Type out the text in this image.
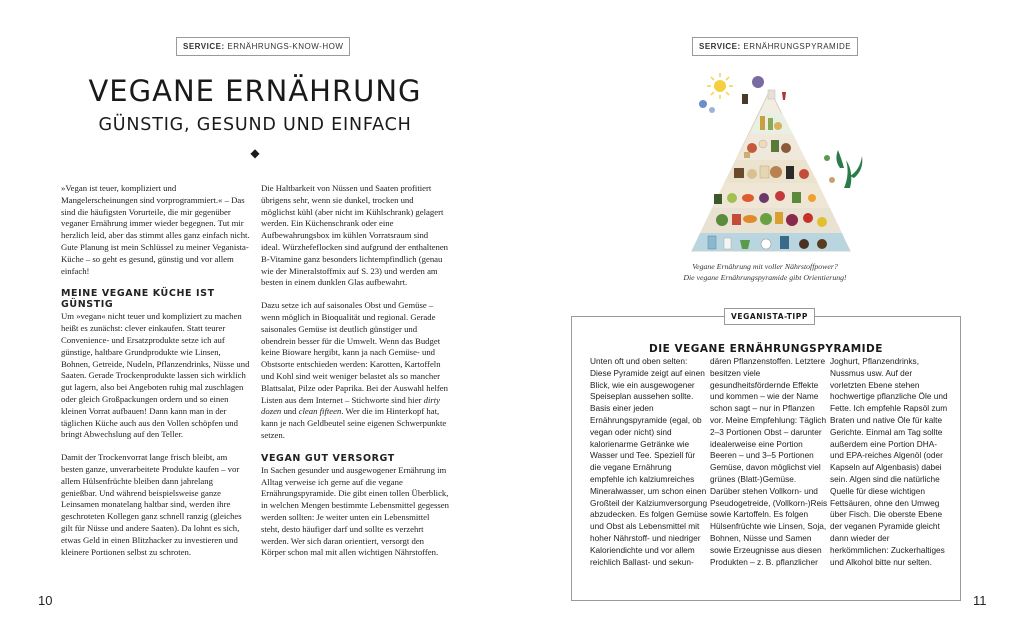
SERVICE: ERNÄHRUNGS-KNOW-HOW
VEGANE ERNÄHRUNG
GÜNSTIG, GESUND UND EINFACH
◆

»Vegan ist teuer, kompliziert und Mangelerscheinungen sind vorprogrammiert.« – Das sind die häufigsten Vorurteile, die mir gegenüber veganer Ernährung immer wieder begegnen. Tut mir herzlich leid, aber das stimmt alles ganz einfach nicht. Gute Planung ist mein Schlüssel zu meiner Veganista-Küche – so geht es gesund, günstig und vor allem einfach!

MEINE VEGANE KÜCHE IST GÜNSTIG

Um »vegan« nicht teuer und kompliziert zu machen heißt es zunächst: clever einkaufen. Statt teurer Convenience- und Ersatzprodukte setze ich auf günstige, haltbare Grundprodukte wie Linsen, Bohnen, Getreide, Nudeln, Pflanzendrinks, Nüsse und Saaten. Gerade Trockenprodukte lassen sich wirklich gut lagern, also bei Angeboten ruhig mal zuschlagen oder gleich Großpackungen ordern und so einen kleinen Vorrat aufbauen! Dann kann man in der täglichen Küche auch aus den Vollen schöpfen und bringt Abwechslung auf den Teller.

Damit der Trockenvorrat lange frisch bleibt, am besten ganze, unverarbeitete Produkte kaufen – vor allem Hülsenfrüchte bleiben dann jahrelang genießbar. Und während beispielsweise ganze Leinsamen monatelang haltbar sind, werden ihre geschroteten Kollegen ganz schnell ranzig (gleiches gilt für Nüsse und andere Saaten). Da lohnt es sich, etwas Geld in einen Blitzhacker zu investieren und kleinere Portionen selbst zu schroten.

Die Haltbarkeit von Nüssen und Saaten profitiert übrigens sehr, wenn sie dunkel, trocken und möglichst kühl (aber nicht im Kühlschrank) gelagert werden. Ein Küchenschrank oder eine Aufbewahrungsbox im kühlen Vorratsraum sind ideal. Würzhefeflocken sind aufgrund der enthaltenen B-Vitamine ganz besonders lichtempfindlich (genau wie der Mineralstoffmix auf S. 23) und werden am besten in einem dunklen Glas aufbewahrt.

Dazu setze ich auf saisonales Obst und Gemüse – wenn möglich in Bioqualität und regional. Gerade saisonales Gemüse ist deutlich günstiger und obendrein besser für die Umwelt. Wenn das Budget keine Bioware hergibt, kann ja nach Gemüse- und Obstsorte entschieden werden: Karotten, Kartoffeln und Kohl sind weit weniger belastet als so mancher Blattsalat, Pilze oder Paprika. Bei der Auswahl helfen Listen aus dem Internet – Stichworte sind hier dirty dozen und clean fifteen. Wer die im Hinterkopf hat, kann je nach Geldbeutel seine eigenen Schwerpunkte setzen.

VEGAN GUT VERSORGT

In Sachen gesunder und ausgewogener Ernährung im Alltag verweise ich gerne auf die vegane Ernährungspyramide. Die gibt einen tollen Überblick, in welchen Mengen bestimmte Lebensmittel gegessen werden sollten: Je weiter unten ein Lebensmittel steht, desto häufiger darf und sollte es verzehrt werden. Wer sich daran orientiert, versorgt den Körper schon mal mit allen wichtigen Nährstoffen.

10
SERVICE: ERNÄHRUNGSPYRAMIDE
Vegane Ernährung mit voller Nährstoffpower?
Die vegane Ernährungspyramide gibt Orientierung!
VEGANISTA-TIPP
DIE VEGANE ERNÄHRUNGSPYRAMIDE
Unten oft und oben selten: Diese Pyramide zeigt auf einen Blick, wie ein ausgewogener Speiseplan aussehen sollte. Basis einer jeden Ernährungspyramide (egal, ob vegan oder nicht) sind kalorienarme Getränke wie Wasser und Tee. Speziell für die vegane Ernährung empfehle ich kalziumreiches Mineralwasser, um schon einen Großteil der Kalziumversorgung abzudecken. Es folgen Gemüse und Obst als Lebensmittel mit hoher Nährstoff- und niedriger Kaloriendichte und vor allem reichlich Ballast- und sekun-
dären Pflanzenstoffen. Letztere besitzen viele gesundheitsfördernde Effekte und kommen – wie der Name schon sagt – nur in Pflanzen vor. Meine Empfehlung: Täglich 2–3 Portionen Obst – darunter idealerweise eine Portion Beeren – und 3–5 Portionen Gemüse, davon möglichst viel grünes (Blatt-)Gemüse. Darüber stehen Vollkorn- und Pseudogetreide, (Vollkorn-)Reis sowie Kartoffeln. Es folgen Hülsenfrüchte wie Linsen, Soja, Bohnen, Nüsse und Samen sowie Erzeugnisse aus diesen Produkten – z. B. pflanzlicher
Joghurt, Pflanzendrinks, Nussmus usw. Auf der vorletzten Ebene stehen hochwertige pflanzliche Öle und Fette. Ich empfehle Rapsöl zum Braten und native Öle für kalte Gerichte. Einmal am Tag sollte außerdem eine Portion DHA- und EPA-reiches Algenöl (oder Kapseln auf Algenbasis) dabei sein. Algen sind die natürliche Quelle für diese wichtigen Fettsäuren, ohne den Umweg über Fisch. Die oberste Ebene der veganen Pyramide gleicht dann wieder der herkömmlichen: Zuckerhaltiges und Alkohol bitte nur selten.
11
